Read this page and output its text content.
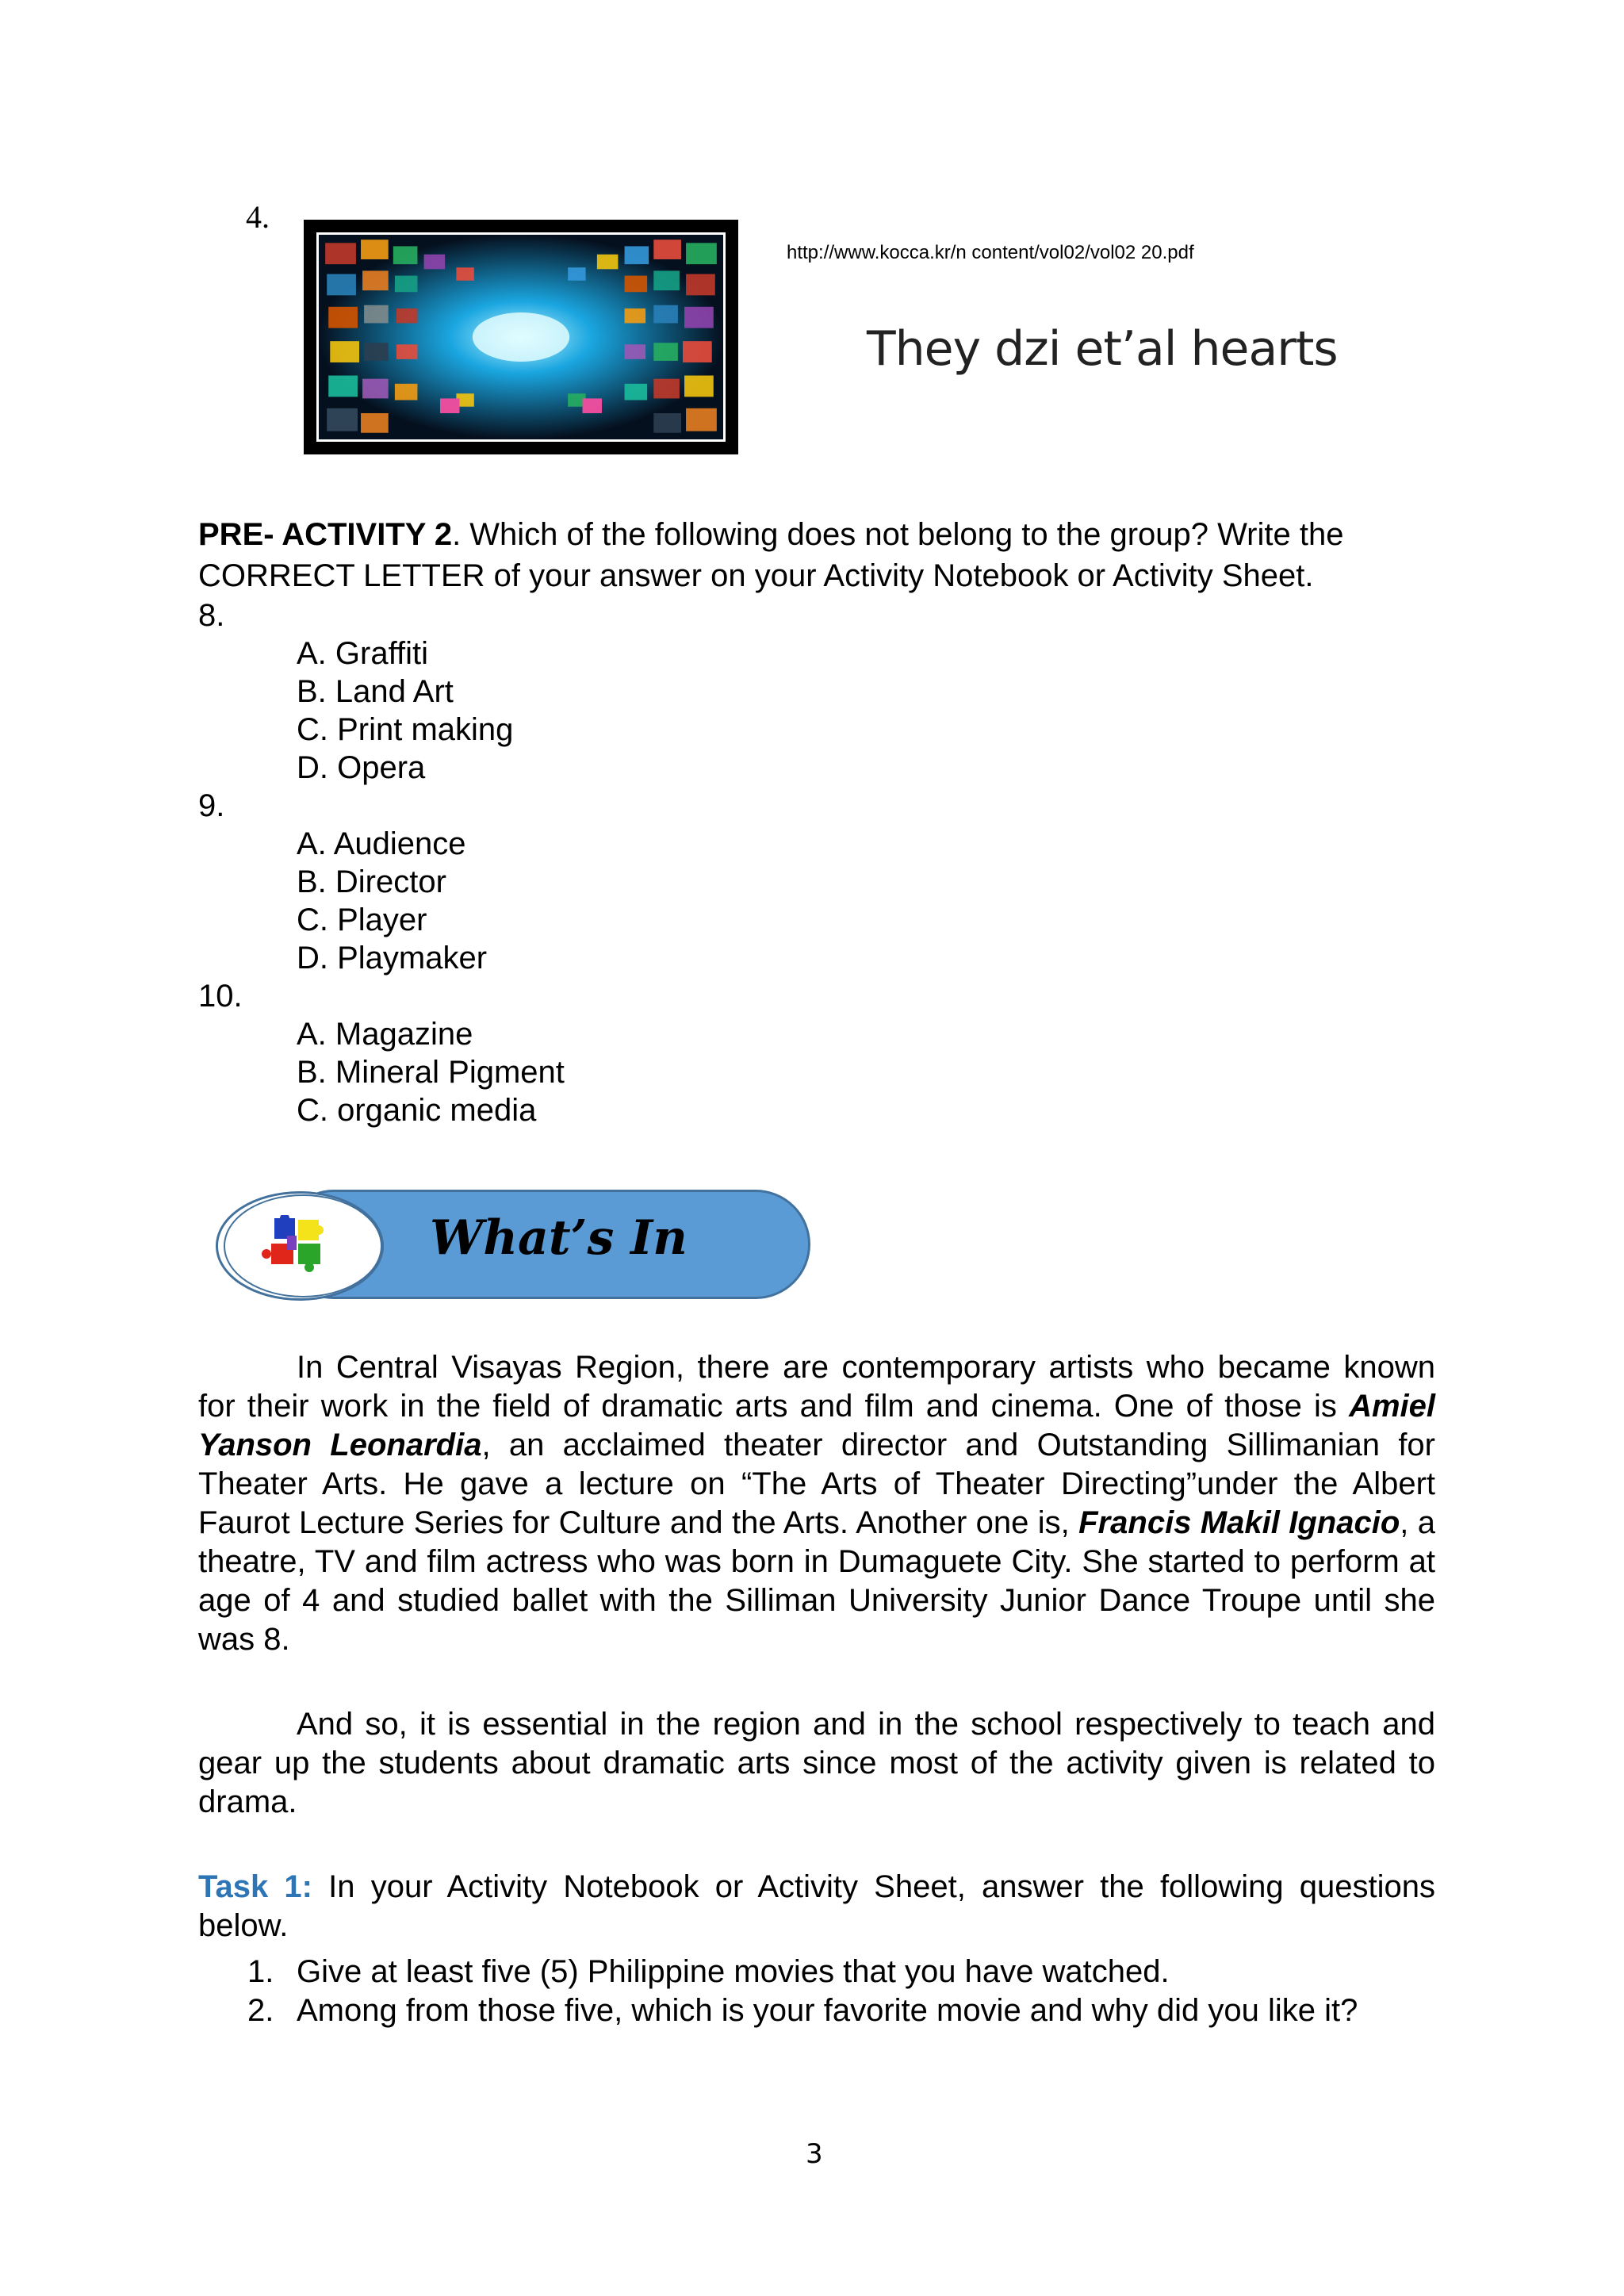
4.
http://www.kocca.kr/n content/vol02/vol02 20.pdf
They dzi et’al hearts
PRE- ACTIVITY 2. Which of the following does not belong to the group? Write the CORRECT LETTER of your answer on your Activity Notebook or Activity Sheet.
8.
A. Graffiti
B. Land Art
C. Print making
D. Opera
9.
A. Audience
B. Director
C. Player
D. Playmaker
10.
A. Magazine
B. Mineral Pigment
C. organic media
What’s In
In Central Visayas Region, there are contemporary artists who became known for their work in the field of dramatic arts and film and cinema. One of those is Amiel Yanson Leonardia, an acclaimed theater director and Outstanding Sillimanian for Theater Arts. He gave a lecture on “The Arts of Theater Directing”under the Albert Faurot Lecture Series for Culture and the Arts. Another one is, Francis Makil Ignacio, a theatre, TV and film actress who was born in Dumaguete City. She started to perform at age of 4 and studied ballet with the Silliman University Junior Dance Troupe until she was 8.
And so, it is essential in the region and in the school respectively to teach and gear up the students about dramatic arts since most of the activity given is related to drama.
Task 1: In your Activity Notebook or Activity Sheet, answer the following questions below.
1. Give at least five (5) Philippine movies that you have watched.
2. Among from those five, which is your favorite movie and why did you like it?
3
